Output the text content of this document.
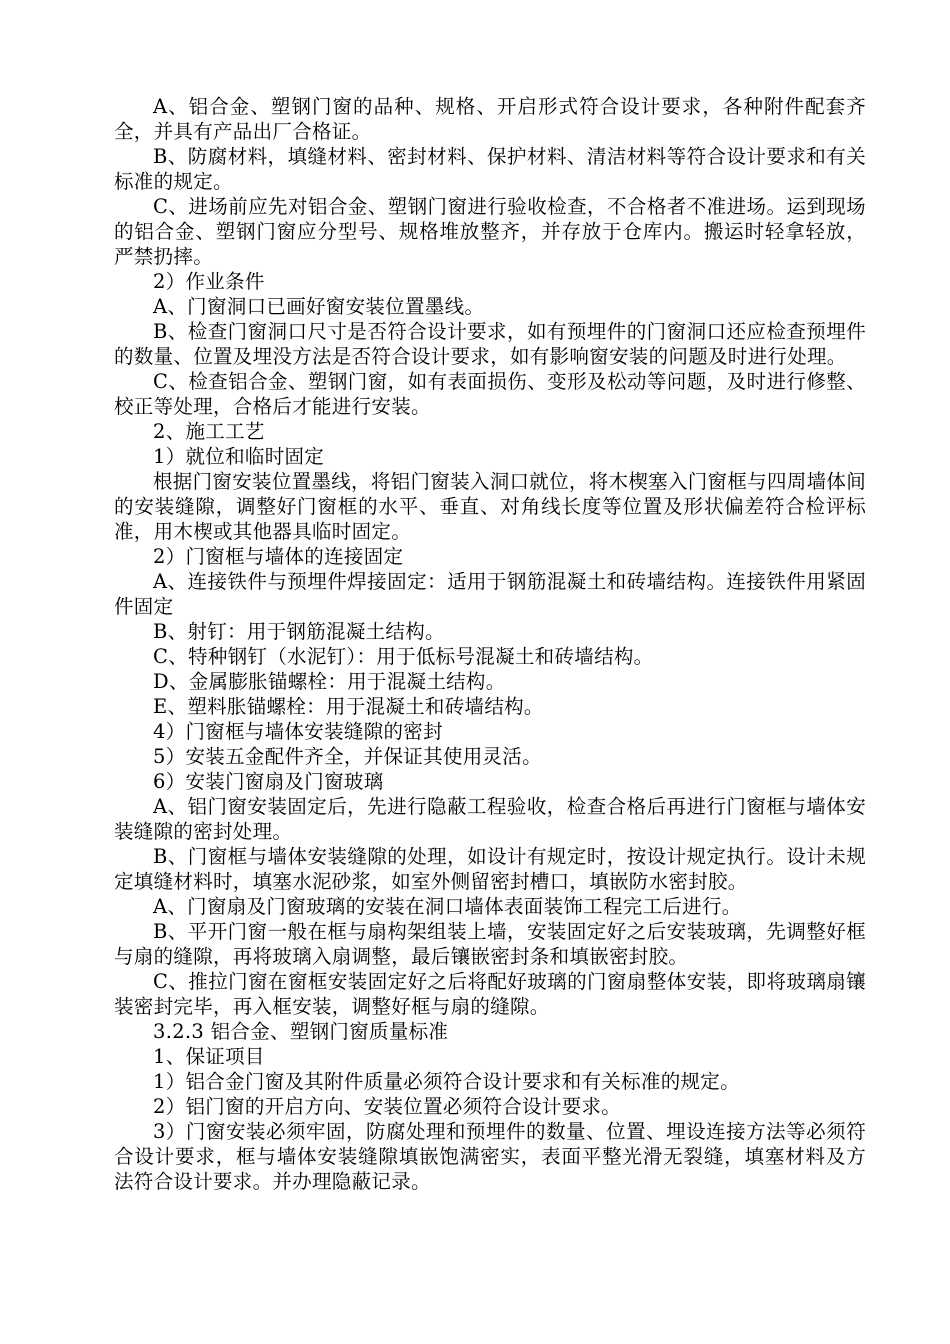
A、铝合金、塑钢门窗的品种、规格、开启形式符合设计要求，各种附件配套齐全，并具有产品出厂合格证。

B、防腐材料，填缝材料、密封材料、保护材料、清洁材料等符合设计要求和有关标准的规定。

C、进场前应先对铝合金、塑钢门窗进行验收检查，不合格者不准进场。运到现场的铝合金、塑钢门窗应分型号、规格堆放整齐，并存放于仓库内。搬运时轻拿轻放，严禁扔摔。

2）作业条件

A、门窗洞口已画好窗安装位置墨线。

B、检查门窗洞口尺寸是否符合设计要求，如有预埋件的门窗洞口还应检查预埋件的数量、位置及埋没方法是否符合设计要求，如有影响窗安装的问题及时进行处理。

C、检查铝合金、塑钢门窗，如有表面损伤、变形及松动等问题，及时进行修整、校正等处理，合格后才能进行安装。

2、施工工艺

1）就位和临时固定

根据门窗安装位置墨线，将铝门窗装入洞口就位，将木楔塞入门窗框与四周墙体间的安装缝隙，调整好门窗框的水平、垂直、对角线长度等位置及形状偏差符合检评标准，用木楔或其他器具临时固定。

2）门窗框与墙体的连接固定

A、连接铁件与预埋件焊接固定：适用于钢筋混凝土和砖墙结构。连接铁件用紧固件固定

B、射钉：用于钢筋混凝土结构。

C、特种钢钉（水泥钉）：用于低标号混凝土和砖墙结构。

D、金属膨胀锚螺栓：用于混凝土结构。

E、塑料胀锚螺栓：用于混凝土和砖墙结构。

4）门窗框与墙体安装缝隙的密封

5）安装五金配件齐全，并保证其使用灵活。

6）安装门窗扇及门窗玻璃

A、铝门窗安装固定后，先进行隐蔽工程验收，检查合格后再进行门窗框与墙体安装缝隙的密封处理。

B、门窗框与墙体安装缝隙的处理，如设计有规定时，按设计规定执行。设计未规定填缝材料时，填塞水泥砂浆，如室外侧留密封槽口，填嵌防水密封胶。

A、门窗扇及门窗玻璃的安装在洞口墙体表面装饰工程完工后进行。

B、平开门窗一般在框与扇构架组装上墙，安装固定好之后安装玻璃，先调整好框与扇的缝隙，再将玻璃入扇调整，最后镶嵌密封条和填嵌密封胶。

C、推拉门窗在窗框安装固定好之后将配好玻璃的门窗扇整体安装，即将玻璃扇镶装密封完毕，再入框安装，调整好框与扇的缝隙。

3.2.3 铝合金、塑钢门窗质量标准

1、保证项目

1）铝合金门窗及其附件质量必须符合设计要求和有关标准的规定。

2）铝门窗的开启方向、安装位置必须符合设计要求。

3）门窗安装必须牢固，防腐处理和预埋件的数量、位置、埋设连接方法等必须符合设计要求，框与墙体安装缝隙填嵌饱满密实，表面平整光滑无裂缝，填塞材料及方法符合设计要求。并办理隐蔽记录。
